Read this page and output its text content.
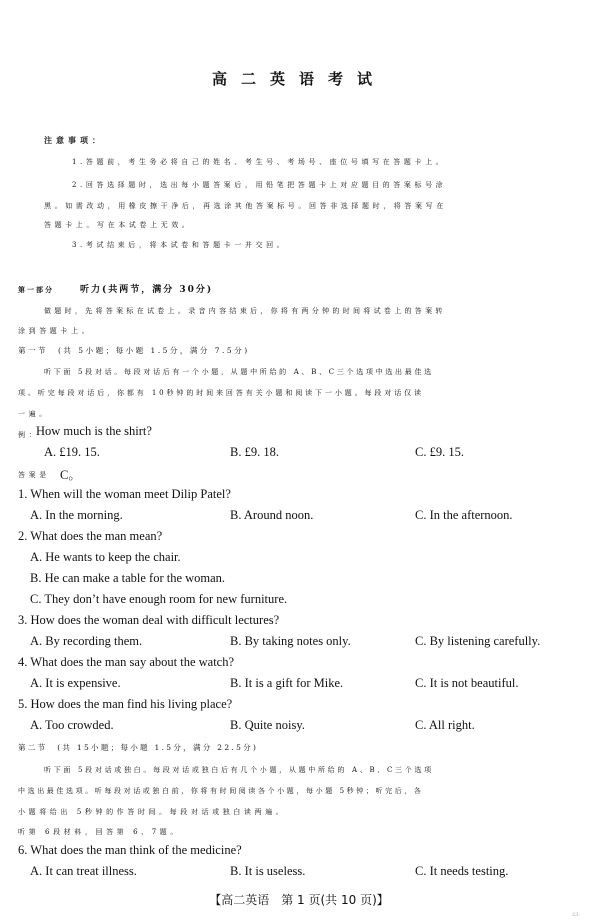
高二英语考试
注意事项：
1.答题前，考生务必将自己的姓名、考生号、考场号、座位号填写在答题卡上。
2.回答选择题时，选出每小题答案后，用铅笔把答题卡上对应题目的答案标号涂
黑。如需改动，用橡皮擦干净后，再选涂其他答案标号。回答非选择题时，将答案写在
答题卡上。写在本试卷上无效。
3.考试结束后，将本试卷和答题卡一并交回。
第一部分	听力(共两节，满分 30分)
做题时，先将答案标在试卷上。录音内容结束后，你将有两分钟的时间将试卷上的答案转
涂到答题卡上。
第一节　(共 5小题；每小题 1.5分，满分 7.5分)
听下面 5段对话。每段对话后有一个小题，从题中所给的 A、B、C三个选项中选出最佳选
项。听完每段对话后，你都有 10秒钟的时间来回答有关小题和阅读下一小题。每段对话仅读
一遍。
例：
How much is the shirt?
A. £19. 15.	B. £9. 18.	C. £9. 15.
答案是 C。
1. When will the woman meet Dilip Patel?
A. In the morning.	B. Around noon.	C. In the afternoon.
2. What does the man mean?
A. He wants to keep the chair.
B. He can make a table for the woman.
C. They don’t have enough room for new furniture.
3. How does the woman deal with difficult lectures?
A. By recording them.	B. By taking notes only.	C. By listening carefully.
4. What does the man say about the watch?
A. It is expensive.	B. It is a gift for Mike.	C. It is not beautiful.
5. How does the man find his living place?
A. Too crowded.	B. Quite noisy.	C. All right.
第二节　(共 15小题；每小题 1.5分，满分 22.5分)
听下面 5段对话或独白。每段对话或独白后有几个小题，从题中所给的 A、B、C三个选项
中选出最佳选项。听每段对话或独白前，你将有时间阅读各个小题，每小题 5秒钟；听完后，各
小题将给出 5秒钟的作答时间。每段对话或独白读两遍。
听第 6段材料，回答第 6、7题。
6. What does the man think of the medicine?
A. It can treat illness.	B. It is useless.	C. It needs testing.
【高二英语　第 1 页(共 10 页)】
·23·
